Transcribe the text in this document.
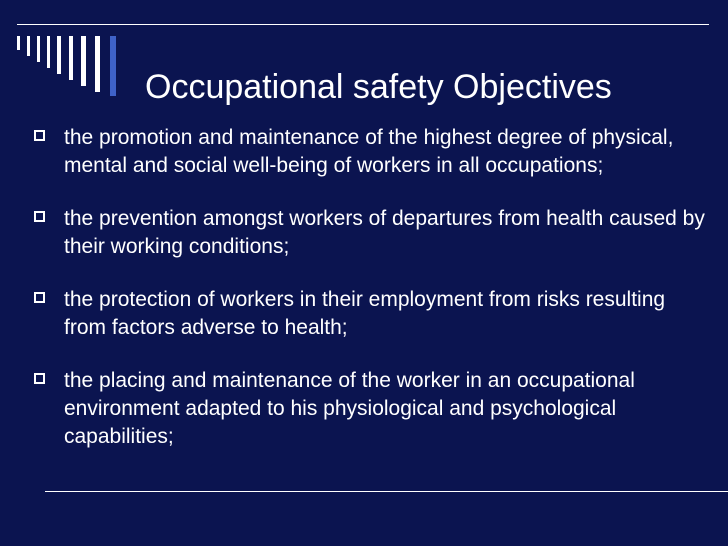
Occupational safety Objectives
the promotion and maintenance of the highest degree of physical, mental and social well-being of workers in all occupations;
the prevention amongst workers of departures from health caused by their working conditions;
the protection of workers in their employment from risks resulting from factors adverse to health;
the placing and maintenance of the worker in an occupational environment adapted to his physiological and psychological capabilities;
